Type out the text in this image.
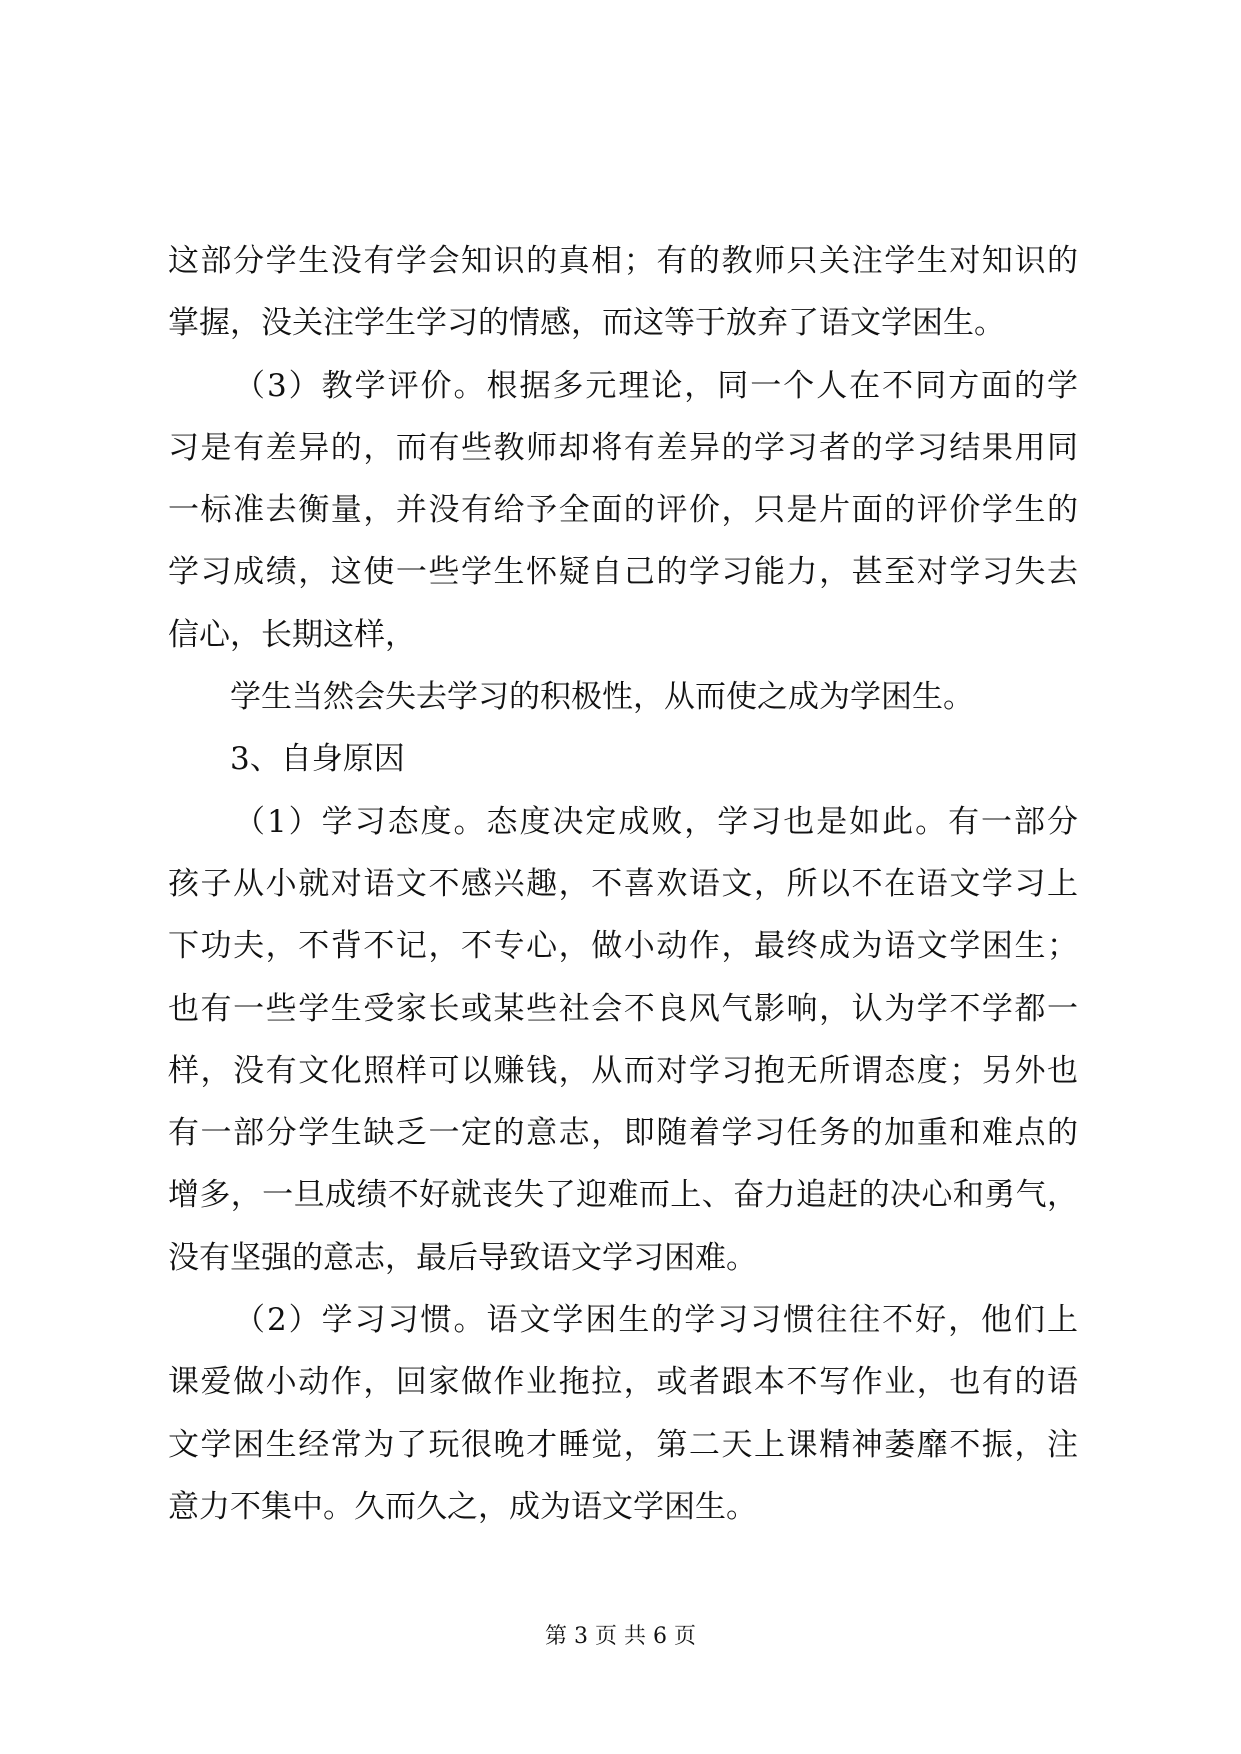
这部分学生没有学会知识的真相；有的教师只关注学生对知识的
掌握，没关注学生学习的情感，而这等于放弃了语文学困生。
（3）教学评价。根据多元理论，同一个人在不同方面的学
习是有差异的，而有些教师却将有差异的学习者的学习结果用同
一标准去衡量，并没有给予全面的评价，只是片面的评价学生的
学习成绩，这使一些学生怀疑自己的学习能力，甚至对学习失去
信心，长期这样，
学生当然会失去学习的积极性，从而使之成为学困生。
3、自身原因
（1）学习态度。态度决定成败，学习也是如此。有一部分
孩子从小就对语文不感兴趣，不喜欢语文，所以不在语文学习上
下功夫，不背不记，不专心，做小动作，最终成为语文学困生；
也有一些学生受家长或某些社会不良风气影响，认为学不学都一
样，没有文化照样可以赚钱，从而对学习抱无所谓态度；另外也
有一部分学生缺乏一定的意志，即随着学习任务的加重和难点的
增多，一旦成绩不好就丧失了迎难而上、奋力追赶的决心和勇气，
没有坚强的意志，最后导致语文学习困难。
（2）学习习惯。语文学困生的学习习惯往往不好，他们上
课爱做小动作，回家做作业拖拉，或者跟本不写作业，也有的语
文学困生经常为了玩很晚才睡觉，第二天上课精神萎靡不振，注
意力不集中。久而久之，成为语文学困生。
第 3 页 共 6 页
